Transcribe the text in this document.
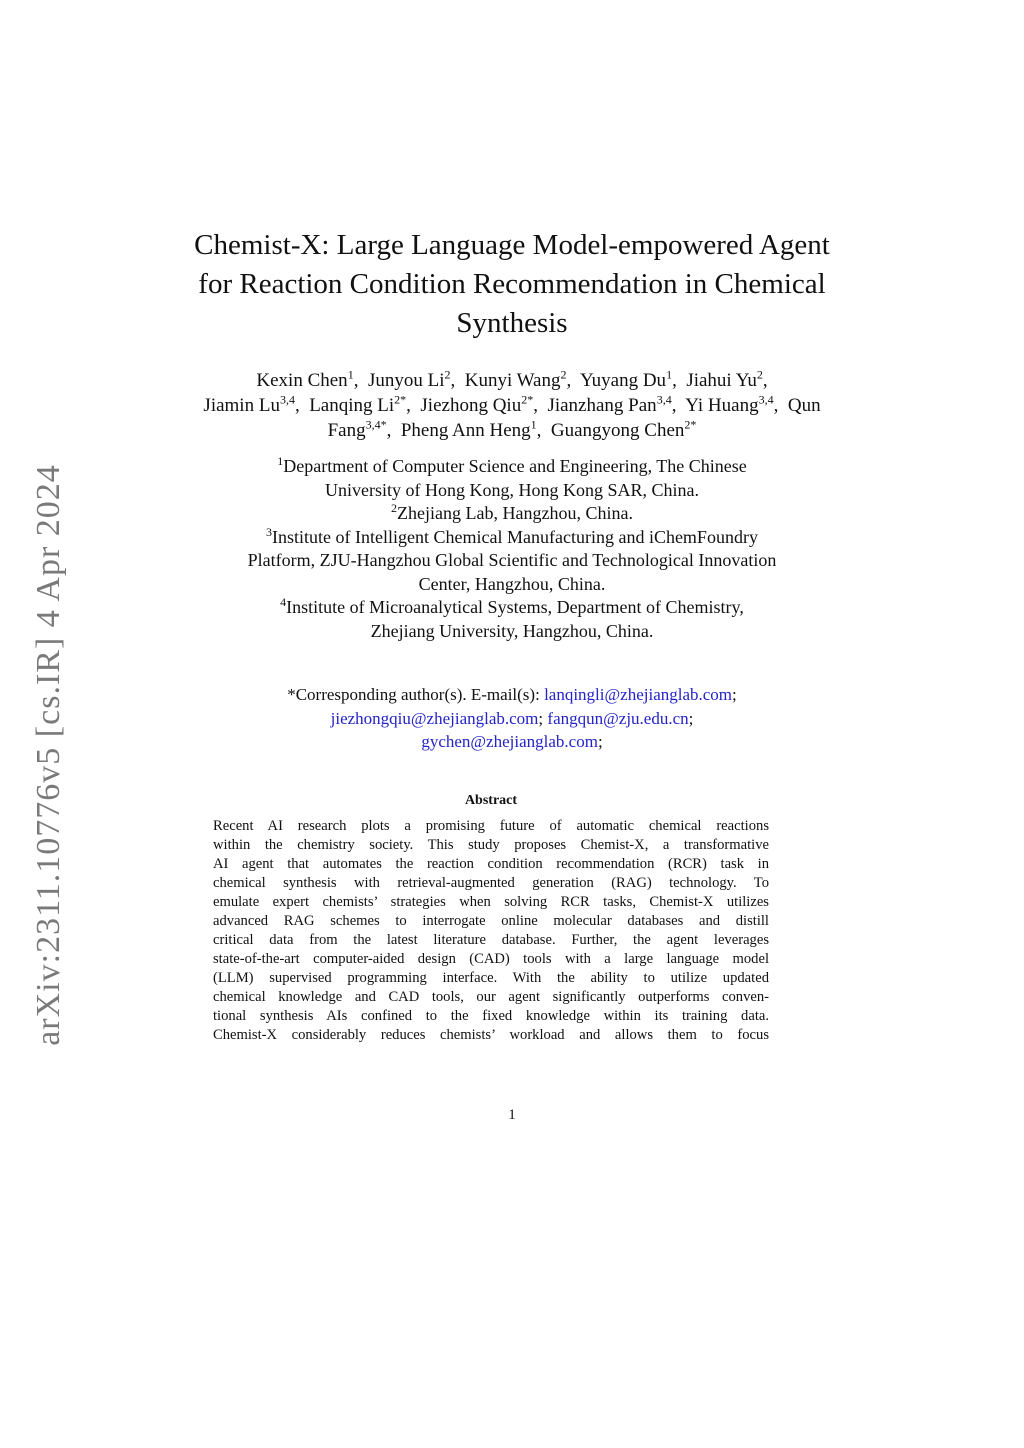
arXiv:2311.10776v5 [cs.IR] 4 Apr 2024
Chemist-X: Large Language Model-empowered Agent
for Reaction Condition Recommendation in Chemical
Synthesis
Kexin Chen$^1$,  Junyou Li$^2$,  Kunyi Wang$^2$,  Yuyang Du$^1$,  Jiahui Yu$^2$,
Jiamin Lu$^{3,4}$,  Lanqing $Li^{2*}$,  Jiezhong Qiu$^{2*}$,  Jianzhang Pan$^{3,4}$,  Yi Huang$^{3,4}$,  Qun Fang$^{3,4*}$,  Pheng Ann Heng$^1$,  Guangyong Chen$^{2*}$
$^1$Department of Computer Science and Engineering, The Chinese
University of Hong Kong, Hong Kong SAR, China.
$^2$Zhejiang Lab, Hangzhou, China.
$^3$Institute of Intelligent Chemical Manufacturing and iChemFoundry
Platform, ZJU-Hangzhou Global Scientific and Technological Innovation
Center, Hangzhou, China.
$^4$Institute of Microanalytical Systems, Department of Chemistry,
Zhejiang University, Hangzhou, China.
*Corresponding author(s). E-mail(s): lanqingli@zhejianglab.com;
jiezhongqiu@zhejianglab.com; fangqun@zju.edu.cn;
gychen@zhejianglab.com;
Abstract
Recent AI research plots a promising future of automatic chemical reactions
within the chemistry society. This study proposes Chemist-X, a transformative
AI agent that automates the reaction condition recommendation (RCR) task in
chemical synthesis with retrieval-augmented generation (RAG) technology. To
emulate expert chemists’ strategies when solving RCR tasks, Chemist-X utilizes
advanced RAG schemes to interrogate online molecular databases and distill
critical data from the latest literature database. Further, the agent leverages
state-of-the-art computer-aided design (CAD) tools with a large language model
(LLM) supervised programming interface. With the ability to utilize updated
chemical knowledge and CAD tools, our agent significantly outperforms conven-
tional synthesis AIs confined to the fixed knowledge within its training data.
Chemist-X considerably reduces chemists’ workload and allows them to focus
1
